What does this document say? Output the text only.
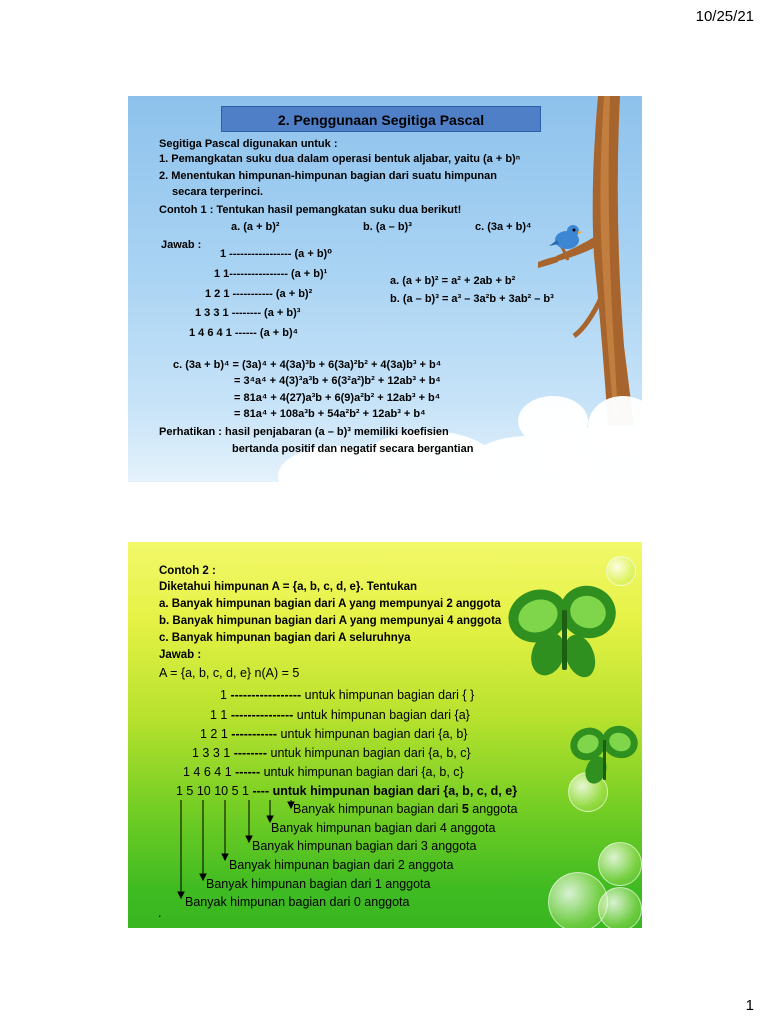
10/25/21
2. Penggunaan Segitiga Pascal
Segitiga Pascal digunakan untuk :
1. Pemangkatan suku dua dalam operasi bentuk aljabar, yaitu (a + b)ⁿ
2. Menentukan himpunan-himpunan bagian dari suatu himpunan
secara terperinci.
Contoh 1 : Tentukan hasil pemangkatan suku dua berikut!
a. (a + b)²	b. (a – b)³	c. (3a + b)⁴
Jawab :
1 ----------------- (a + b)⁰
1 1---------------- (a + b)¹
1 2 1 ----------- (a + b)²
1 3 3 1 -------- (a + b)³
1 4 6 4 1 ------ (a + b)⁴
a. (a + b)² = a² + 2ab + b²
b. (a – b)³ = a³ – 3a²b + 3ab² – b³
c. (3a + b)⁴ = (3a)⁴ + 4(3a)³b + 6(3a)²b² + 4(3a)b³ + b⁴
= 3⁴a⁴ + 4(3)³a³b + 6(3²a²)b² + 12ab³ + b⁴
= 81a⁴ + 4(27)a³b + 6(9)a²b² + 12ab³ + b⁴
= 81a⁴ + 108a³b + 54a²b² + 12ab³ + b⁴
Perhatikan : hasil penjabaran (a – b)³ memiliki koefisien
bertanda positif dan negatif secara bergantian
Contoh 2 :
Diketahui himpunan A = {a, b, c, d, e}. Tentukan
a. Banyak himpunan bagian dari A yang mempunyai 2 anggota
b. Banyak himpunan bagian dari A yang mempunyai 4 anggota
c. Banyak himpunan bagian dari A seluruhnya
Jawab :
A = {a, b, c, d, e} n(A) = 5
1 ----------------- untuk himpunan bagian dari { }
1 1 --------------- untuk himpunan bagian dari {a}
1 2 1 ----------- untuk himpunan bagian dari {a, b}
1 3 3 1 -------- untuk himpunan bagian dari {a, b, c}
1 4 6 4 1 ------ untuk himpunan bagian dari {a, b, c}
1 5 10 10 5 1 ---- untuk himpunan bagian dari {a, b, c, d, e}
Banyak himpunan bagian dari 5 anggota
Banyak himpunan bagian dari 4 anggota
Banyak himpunan bagian dari 3 anggota
Banyak himpunan bagian dari 2 anggota
Banyak himpunan bagian dari 1 anggota
Banyak himpunan bagian dari 0 anggota
.
1
